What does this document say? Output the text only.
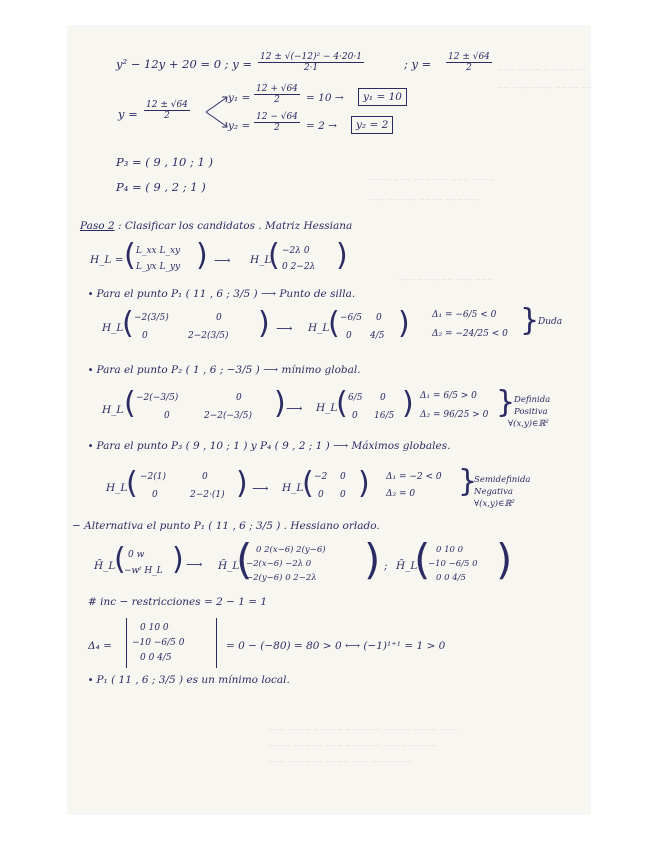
~~~ ~~~~ ~ ~~~~~~
~~ ~~~~~~~ ~~~~ ~~
~~~~ ~~~ ~~~~~~ ~~~ ~~~~
~~~ ~~~~~ ~~~~ ~~~~~~
~~~ ~~~~~~ ~~~ ~~~
~~~ ~~~~ ~~~~~ ~~~~~~ ~~~~~ ~~~~ ~~~
~~~~ ~~~~~ ~~~ ~~~~~~ ~~~~ ~~~~~
~~~ ~~~~~~ ~~~~ ~~~ ~~~~~~~
y² − 12y + 20 = 0 ; $y = \frac{\text{12 ± √(−12)² − 4·20·1}}{2\cdot 1}$	; $y = \frac{12 \pm √64}{2}$
$y = \frac{12 \pm √64}{2}$
$y_1 = \frac{12 + √64}{2} = 10$ →	y₁ = 10
$y_2 = \frac{12 - √64}{2} = 2$ →	y₂ = 2
P₃ = ( 9 , 10 ; 1 )
P₄ = ( 9 , 2 ; 1 )
Paso 2 : Clasificar los candidatos . Matriz Hessiana
H_L = ( L_xx L_xy
L_yx L_yy ) ⟶ H_L
( −2λ 0
0 2−2λ )
∙ Para el punto P₁ ( 11 , 6 ; 3/5 ) ⟶ Punto de silla.
H_L
( −2(3/5)	0
0	2−2(3/5) ) ⟶ H_L
( −6/5 0
0 4/5 ) Δ₁ = −6/5 < 0
Δ₂ = −24/25 < 0 }
Duda
∙ Para el punto P₂ ( 1 , 6 ; −3/5 ) ⟶ mínimo global.
H_L ( −2(−3/5)	0
0	2−2(−3/5) ) ⟶ H_L
( 6/5 0
0 16/5 ) Δ₁ = 6/5 > 0
Δ₂ = 96/25 > 0 }
Definida
Positiva
∀(x,y)∈ℝ²
∙ Para el punto P₃ ( 9 , 10 ; 1 ) y P₄ ( 9 , 2 ; 1 ) ⟶ Máximos globales.
H_L
( −2(1)	0
0	2−2·(1) ) ⟶ H_L
( −2 0
0 0 ) Δ₁ = −2 < 0
Δ₂ = 0 }
Semidefinida
Negativa
∀(x,y)∈ℝ²
− Alternativa el punto P₁ ( 11 , 6 ; 3/5 ) . Hessiano orlado.
H̄_L
( 0 w
−wᵗ H_L ) ⟶ H̄_L
( 0 2(x−6) 2(y−6)
−2(x−6) −2λ 0
−2(y−6) 0 2−2λ ) ; H̄_L
( 0 10 0
−10 −6/5 0
0 0 4/5 )
# inc − restricciones = 2 − 1 = 1
Δ₄ =
0 10 0
−10 −6/5 0
0 0 4/5
= 0 − (−80) = 80 > 0 ⟷ (−1)¹⁺¹ = 1 > 0
∙ P₁ ( 11 , 6 ; 3/5 ) es un mínimo local.
